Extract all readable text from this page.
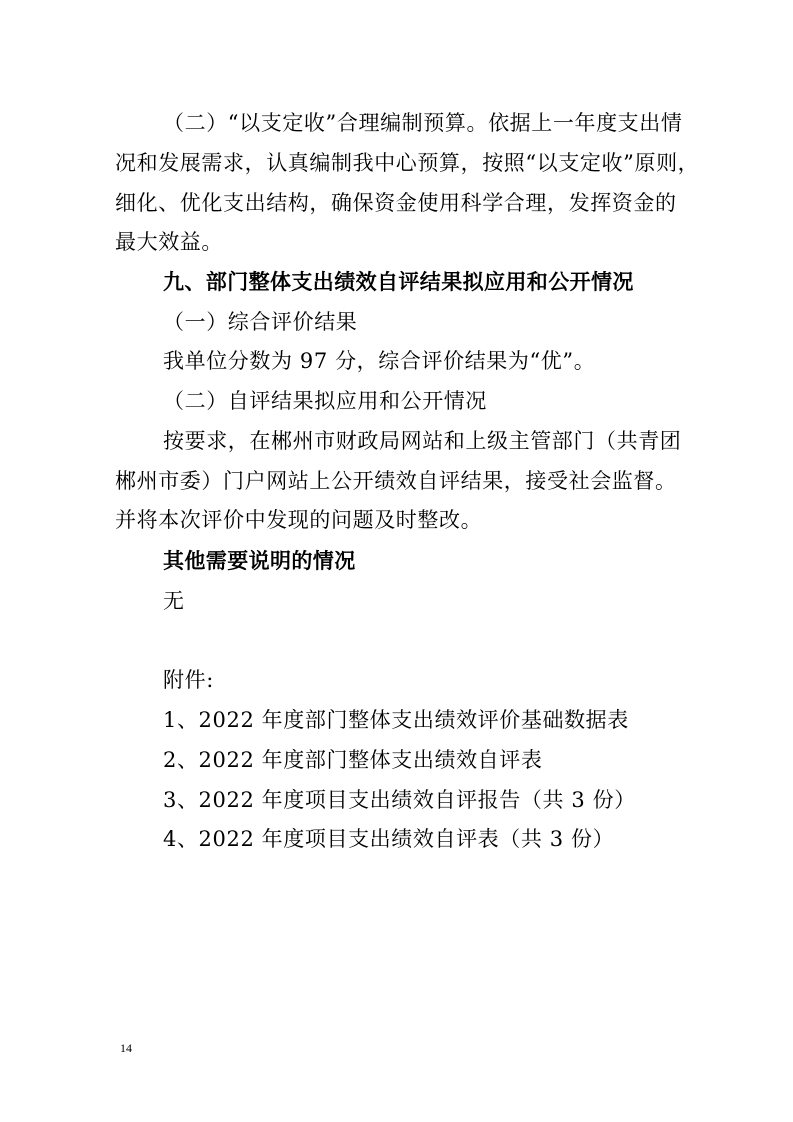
（二）“以支定收”合理编制预算。依据上一年度支出情
况和发展需求，认真编制我中心预算，按照“以支定收”原则，
细化、优化支出结构，确保资金使用科学合理，发挥资金的
最大效益。
九、部门整体支出绩效自评结果拟应用和公开情况
（一）综合评价结果
我单位分数为 97 分，综合评价结果为“优”。
（二）自评结果拟应用和公开情况
按要求，在郴州市财政局网站和上级主管部门（共青团
郴州市委）门户网站上公开绩效自评结果，接受社会监督。
并将本次评价中发现的问题及时整改。
其他需要说明的情况
无
附件:
1、2022 年度部门整体支出绩效评价基础数据表
2、2022 年度部门整体支出绩效自评表
3、2022 年度项目支出绩效自评报告（共 3 份）
4、2022 年度项目支出绩效自评表（共 3 份）
14
